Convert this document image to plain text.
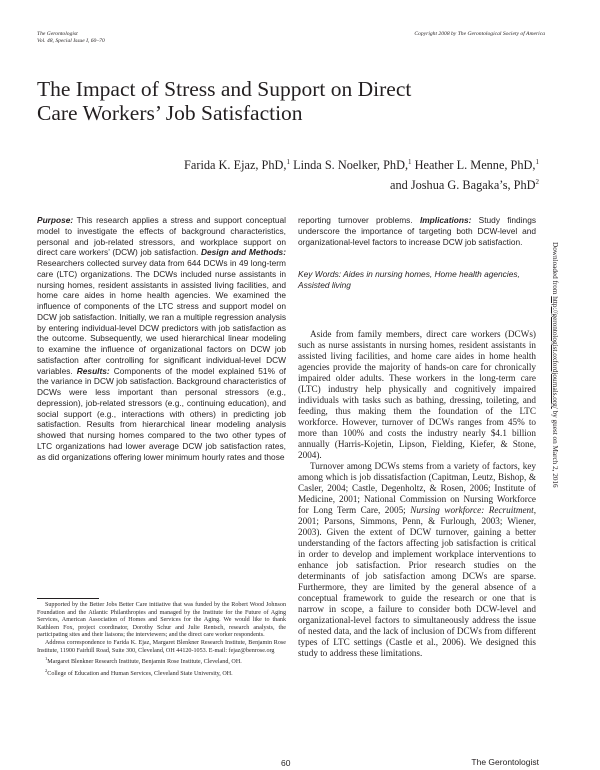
The Gerontologist
Vol. 48, Special Issue I, 60–70
Copyright 2008 by The Gerontological Society of America
The Impact of Stress and Support on Direct
Care Workers’ Job Satisfaction
Farida K. Ejaz, PhD,$^1$ Linda S. Noelker, PhD,$^1$ Heather L. Menne, PhD,$^1$
and Joshua G. Bagaka’s, PhD$^2$
Purpose: This research applies a stress and support conceptual model to investigate the effects of background characteristics, personal and job-related stressors, and workplace support on direct care workers’ (DCW) job satisfaction. Design and Methods: Researchers collected survey data from 644 DCWs in 49 long-term care (LTC) organizations. The DCWs included nurse assistants in nursing homes, resident assistants in assisted living facilities, and home care aides in home health agencies. We examined the influence of components of the LTC stress and support model on DCW job satisfaction. Initially, we ran a multiple regression analysis by entering individual-level DCW predictors with job satisfaction as the outcome. Subsequently, we used hierarchical linear modeling to examine the influence of organizational factors on DCW job satisfaction after controlling for significant individual-level DCW variables. Results: Components of the model explained 51% of the variance in DCW job satisfaction. Background characteristics of DCWs were less important than personal stressors (e.g., depression), job-related stressors (e.g., continuing education), and social support (e.g., interactions with others) in predicting job satisfaction. Results from hierarchical linear modeling analysis showed that nursing homes compared to the two other types of LTC organizations had lower average DCW job satisfaction rates, as did organizations offering lower minimum hourly rates and those
reporting turnover problems. Implications: Study findings underscore the importance of targeting both DCW-level and organizational-level factors to increase DCW job satisfaction.
Key Words: Aides in nursing homes, Home health agencies, Assisted living

Aside from family members, direct care workers (DCWs) such as nurse assistants in nursing homes, resident assistants in assisted living facilities, and home care aides in home health agencies provide the majority of hands-on care for chronically impaired older adults. These workers in the long-term care (LTC) industry help physically and cognitively impaired individuals with tasks such as bathing, dressing, toileting, and feeding, thus making them the foundation of the LTC workforce. However, turnover of DCWs ranges from 45% to more than 100% and costs the industry nearly $4.1 billion annually (Harris-Kojetin, Lipson, Fielding, Kiefer, & Stone, 2004).

Turnover among DCWs stems from a variety of factors, key among which is job dissatisfaction (Capitman, Leutz, Bishop, & Casler, 2004; Castle, Degenholtz, & Rosen, 2006; Institute of Medicine, 2001; National Commission on Nursing Workforce for Long Term Care, 2005; Nursing workforce: Recruitment, 2001; Parsons, Simmons, Penn, & Furlough, 2003; Wiener, 2003). Given the extent of DCW turnover, gaining a better understanding of the factors affecting job satisfaction is critical in order to develop and implement workplace interventions to enhance job satisfaction. Prior research studies on the determinants of job satisfaction among DCWs are sparse. Furthermore, they are limited by the general absence of a conceptual framework to guide the research or one that is narrow in scope, a failure to consider both DCW-level and organizational-level factors to simultaneously address the issue of nested data, and the lack of inclusion of DCWs from different types of LTC settings (Castle et al., 2006). We designed this study to address these limitations.

Supported by the Better Jobs Better Care initiative that was funded by the Robert Wood Johnson Foundation and the Atlantic Philanthropies and managed by the Institute for the Future of Aging Services, American Association of Homes and Services for the Aging. We would like to thank Kathleen Fox, project coordinator, Dorothy Schur and Julie Rentsch, research analysts, the participating sites and their liaisons; the interviewers; and the direct care worker respondents.

Address correspondence to Farida K. Ejaz, Margaret Blenkner Research Institute, Benjamin Rose Institute, 11900 Fairhill Road, Suite 300, Cleveland, OH 44120-1053. E-mail: fejaz@benrose.org

$^1$Margaret Blenkner Research Institute, Benjamin Rose Institute, Cleveland, OH.

$^2$College of Education and Human Services, Cleveland State University, OH.

60	The Gerontologist
Downloaded from http://gerontologist.oxfordjournals.org/ by guest on March 2, 2016
